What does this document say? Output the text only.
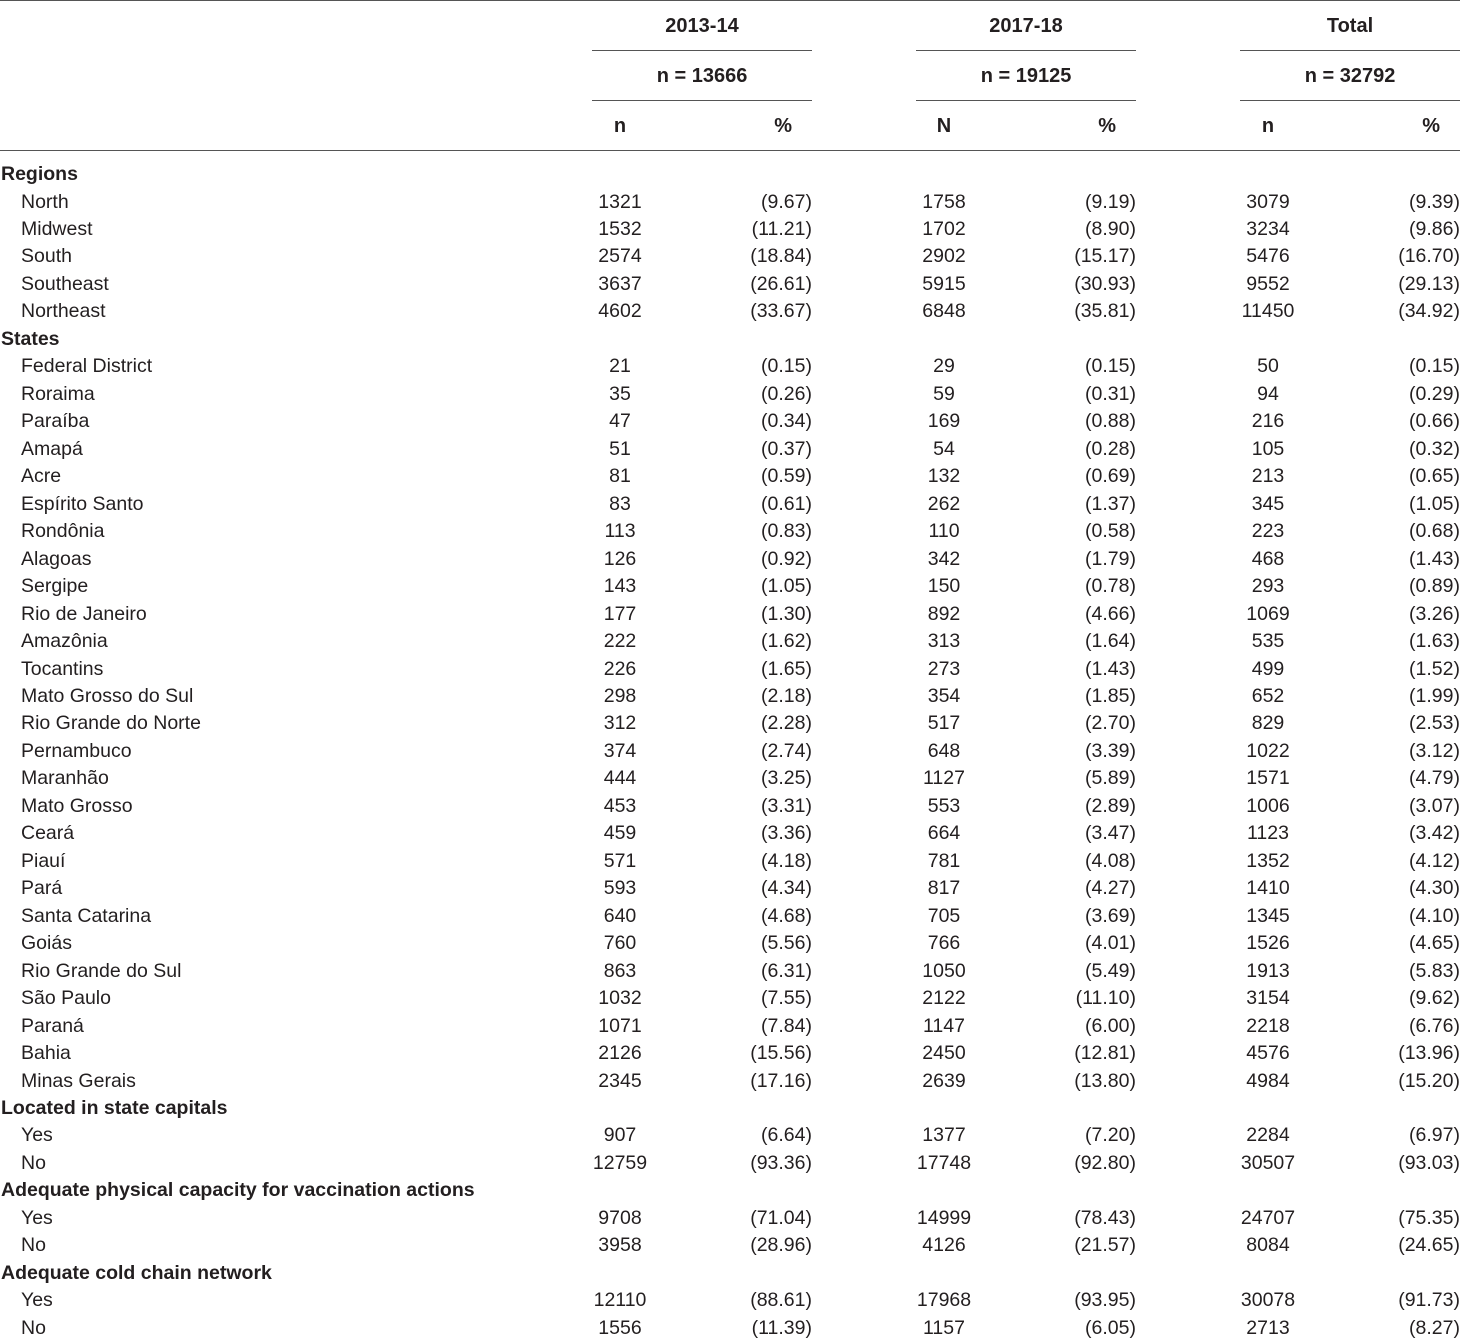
2013-14	2017-18	Total
n = 13666	n = 19125	n = 32792
n	%	N	%	n	%
Regions
North	1321	(9.67)	1758	(9.19)	3079	(9.39)
Midwest	1532	(11.21)	1702	(8.90)	3234	(9.86)
South	2574	(18.84)	2902	(15.17)	5476	(16.70)
Southeast	3637	(26.61)	5915	(30.93)	9552	(29.13)
Northeast	4602	(33.67)	6848	(35.81)	11450	(34.92)
States
Federal District	21	(0.15)	29	(0.15)	50	(0.15)
Roraima	35	(0.26)	59	(0.31)	94	(0.29)
Paraíba	47	(0.34)	169	(0.88)	216	(0.66)
Amapá	51	(0.37)	54	(0.28)	105	(0.32)
Acre	81	(0.59)	132	(0.69)	213	(0.65)
Espírito Santo	83	(0.61)	262	(1.37)	345	(1.05)
Rondônia	113	(0.83)	110	(0.58)	223	(0.68)
Alagoas	126	(0.92)	342	(1.79)	468	(1.43)
Sergipe	143	(1.05)	150	(0.78)	293	(0.89)
Rio de Janeiro	177	(1.30)	892	(4.66)	1069	(3.26)
Amazônia	222	(1.62)	313	(1.64)	535	(1.63)
Tocantins	226	(1.65)	273	(1.43)	499	(1.52)
Mato Grosso do Sul	298	(2.18)	354	(1.85)	652	(1.99)
Rio Grande do Norte	312	(2.28)	517	(2.70)	829	(2.53)
Pernambuco	374	(2.74)	648	(3.39)	1022	(3.12)
Maranhão	444	(3.25)	1127	(5.89)	1571	(4.79)
Mato Grosso	453	(3.31)	553	(2.89)	1006	(3.07)
Ceará	459	(3.36)	664	(3.47)	1123	(3.42)
Piauí	571	(4.18)	781	(4.08)	1352	(4.12)
Pará	593	(4.34)	817	(4.27)	1410	(4.30)
Santa Catarina	640	(4.68)	705	(3.69)	1345	(4.10)
Goiás	760	(5.56)	766	(4.01)	1526	(4.65)
Rio Grande do Sul	863	(6.31)	1050	(5.49)	1913	(5.83)
São Paulo	1032	(7.55)	2122	(11.10)	3154	(9.62)
Paraná	1071	(7.84)	1147	(6.00)	2218	(6.76)
Bahia	2126	(15.56)	2450	(12.81)	4576	(13.96)
Minas Gerais	2345	(17.16)	2639	(13.80)	4984	(15.20)
Located in state capitals
Yes	907	(6.64)	1377	(7.20)	2284	(6.97)
No	12759	(93.36)	17748	(92.80)	30507	(93.03)
Adequate physical capacity for vaccination actions
Yes	9708	(71.04)	14999	(78.43)	24707	(75.35)
No	3958	(28.96)	4126	(21.57)	8084	(24.65)
Adequate cold chain network
Yes	12110	(88.61)	17968	(93.95)	30078	(91.73)
No	1556	(11.39)	1157	(6.05)	2713	(8.27)
